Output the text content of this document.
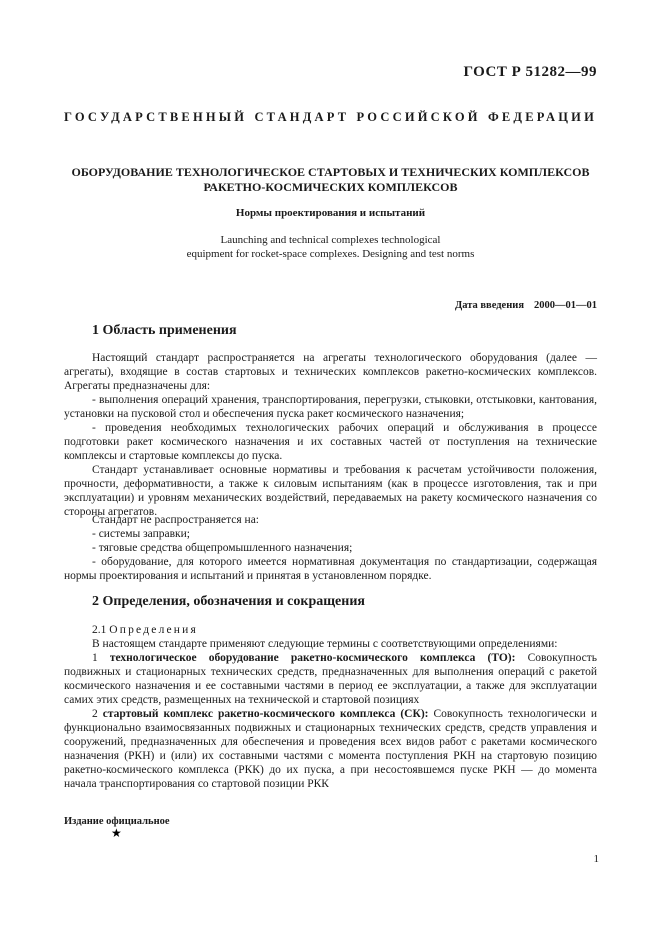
ГОСТ Р 51282—99
ГОСУДАРСТВЕННЫЙ СТАНДАРТ РОССИЙСКОЙ ФЕДЕРАЦИИ
ОБОРУДОВАНИЕ ТЕХНОЛОГИЧЕСКОЕ СТАРТОВЫХ И ТЕХНИЧЕСКИХ КОМПЛЕКСОВ
РАКЕТНО-КОСМИЧЕСКИХ КОМПЛЕКСОВ
Нормы проектирования и испытаний
Launching and technical complexes technological
equipment for rocket-space complexes. Designing and test norms
Дата введения 2000—01—01
1 Область применения

Настоящий стандарт распространяется на агрегаты технологического оборудования (далее — агрегаты), входящие в состав стартовых и технических комплексов ракетно-космических комплексов. Агрегаты предназначены для:

- выполнения операций хранения, транспортирования, перегрузки, стыковки, отстыковки, кантования, установки на пусковой стол и обеспечения пуска ракет космического назначения;

- проведения необходимых технологических рабочих операций и обслуживания в процессе подготовки ракет космического назначения и их составных частей от поступления на технические комплексы и стартовые комплексы до пуска.

Стандарт устанавливает основные нормативы и требования к расчетам устойчивости положения, прочности, деформативности, а также к силовым испытаниям (как в процессе изготовления, так и при эксплуатации) и уровням механических воздействий, передаваемых на ракету космического назначения со стороны агрегатов.

Стандарт не распространяется на:

- системы заправки;

- тяговые средства общепромышленного назначения;

- оборудование, для которого имеется нормативная документация по стандартизации, содержащая нормы проектирования и испытаний и принятая в установленном порядке.

2 Определения, обозначения и сокращения

2.1 Определения

В настоящем стандарте применяют следующие термины с соответствующими определениями:

1 технологическое оборудование ракетно-космического комплекса (ТО): Совокупность подвижных и стационарных технических средств, предназначенных для выполнения операций с ракетой космического назначения и ее составными частями в период ее эксплуатации, а также для эксплуатации самих этих средств, размещенных на технической и стартовой позициях

2 стартовый комплекс ракетно-космического комплекса (СК): Совокупность технологически и функционально взаимосвязанных подвижных и стационарных технических средств, средств управления и сооружений, предназначенных для обеспечения и проведения всех видов работ с ракетами космического назначения (РКН) и (или) их составными частями с момента поступления РКН на стартовую позицию ракетно-космического комплекса (РКК) до их пуска, а при несостоявшемся пуске РКН — до момента начала транспортирования со стартовой позиции РКК

Издание официальное
★
1
